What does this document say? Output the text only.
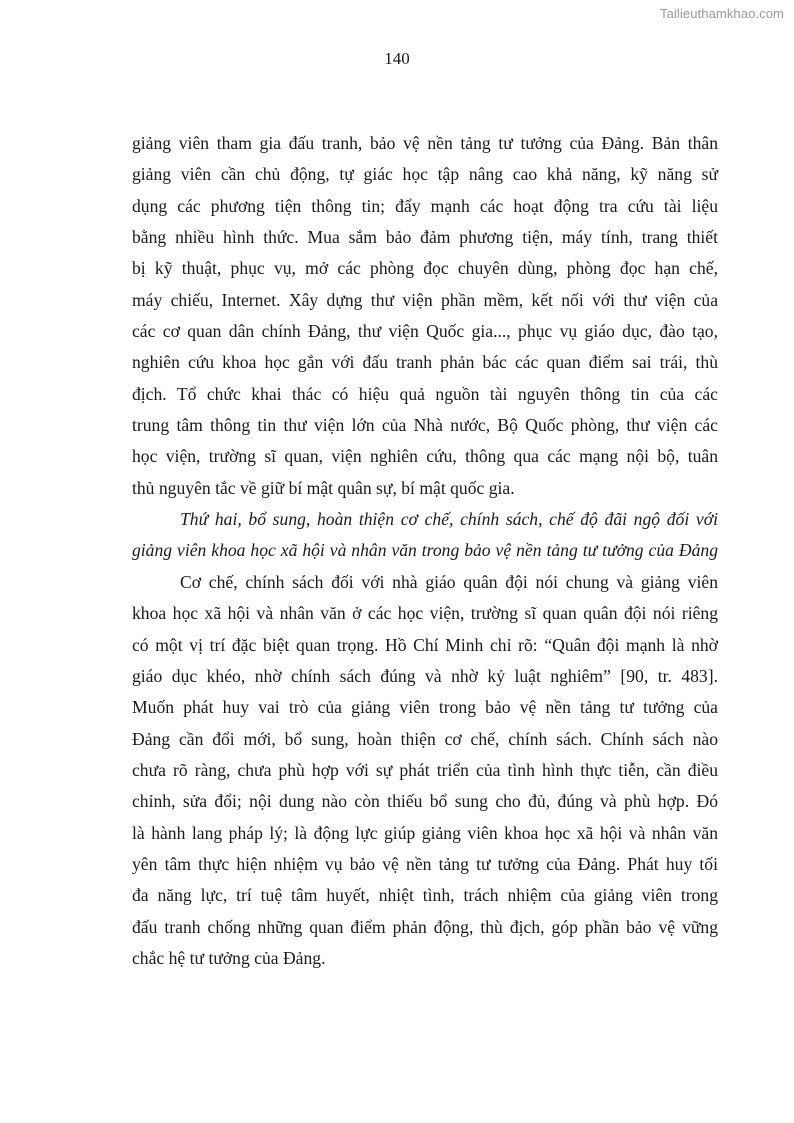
Tailieuthamkhao.com
140
giảng viên tham gia đấu tranh, bảo vệ nền tảng tư tưởng của Đảng. Bản thân
giảng viên cần chủ động, tự giác học tập nâng cao khả năng, kỹ năng sử
dụng các phương tiện thông tin; đẩy mạnh các hoạt động tra cứu tài liệu
bằng nhiều hình thức. Mua sắm bảo đảm phương tiện, máy tính, trang thiết
bị kỹ thuật, phục vụ, mở các phòng đọc chuyên dùng, phòng đọc hạn chế,
máy chiếu, Internet. Xây dựng thư viện phần mềm, kết nối với thư viện của
các cơ quan dân chính Đảng, thư viện Quốc gia..., phục vụ giáo dục, đào tạo,
nghiên cứu khoa học gắn với đấu tranh phản bác các quan điểm sai trái, thù
địch. Tổ chức khai thác có hiệu quả nguồn tài nguyên thông tin của các
trung tâm thông tin thư viện lớn của Nhà nước, Bộ Quốc phòng, thư viện các
học viện, trường sĩ quan, viện nghiên cứu, thông qua các mạng nội bộ, tuân
thủ nguyên tắc về giữ bí mật quân sự, bí mật quốc gia.
Thứ hai, bổ sung, hoàn thiện cơ chế, chính sách, chế độ đãi ngộ đối với
giảng viên khoa học xã hội và nhân văn trong bảo vệ nền tảng tư tưởng của Đảng
Cơ chế, chính sách đối với nhà giáo quân đội nói chung và giảng viên
khoa học xã hội và nhân văn ở các học viện, trường sĩ quan quân đội nói riêng
có một vị trí đặc biệt quan trọng. Hồ Chí Minh chỉ rõ: “Quân đội mạnh là nhờ
giáo dục khéo, nhờ chính sách đúng và nhờ kỷ luật nghiêm” [90, tr. 483].
Muốn phát huy vai trò của giảng viên trong bảo vệ nền tảng tư tưởng của
Đảng cần đổi mới, bổ sung, hoàn thiện cơ chế, chính sách. Chính sách nào
chưa rõ ràng, chưa phù hợp với sự phát triển của tình hình thực tiễn, cần điều
chỉnh, sửa đổi; nội dung nào còn thiếu bổ sung cho đủ, đúng và phù hợp. Đó
là hành lang pháp lý; là động lực giúp giảng viên khoa học xã hội và nhân văn
yên tâm thực hiện nhiệm vụ bảo vệ nền tảng tư tưởng của Đảng. Phát huy tối
đa năng lực, trí tuệ tâm huyết, nhiệt tình, trách nhiệm của giảng viên trong
đấu tranh chống những quan điểm phản động, thù địch, góp phần bảo vệ vững
chắc hệ tư tưởng của Đảng.
